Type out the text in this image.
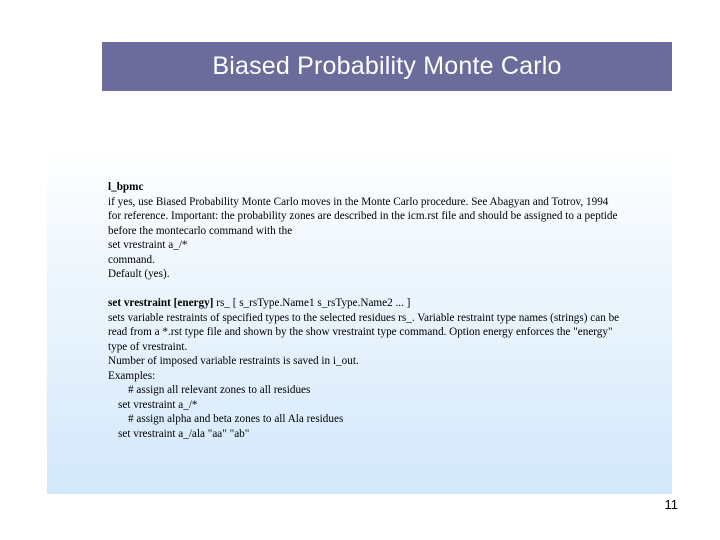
Biased Probability Monte Carlo

l_bpmc

if yes, use Biased Probability Monte Carlo moves in the Monte Carlo procedure. See Abagyan and Totrov, 1994

for reference. Important: the probability zones are described in the icm.rst file and should be assigned to a peptide

before the montecarlo command with the

set vrestraint a_/*

command.

Default (yes).

set vrestraint [energy] rs_ [ s_rsType.Name1 s_rsType.Name2 ... ]

sets variable restraints of specified types to the selected residues rs_. Variable restraint type names (strings) can be

read from a *.rst type file and shown by the show vrestraint type command. Option energy enforces the "energy"

type of vrestraint.

Number of imposed variable restraints is saved in i_out.

Examples:

# assign all relevant zones to all residues

set vrestraint a_/*

# assign alpha and beta zones to all Ala residues

set vrestraint a_/ala "aa" "ab"

11
